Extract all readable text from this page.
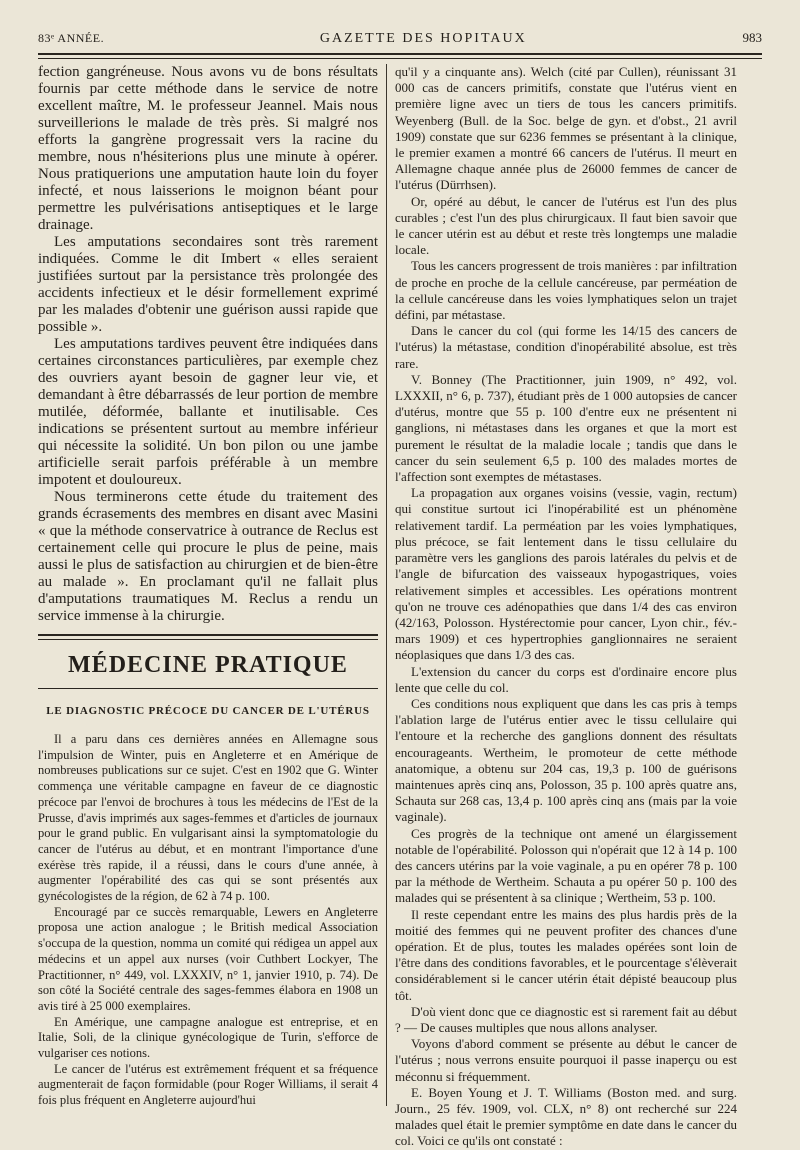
83ᵉ ANNÉE.	GAZETTE DES HOPITAUX	983

fection gangréneuse. Nous avons vu de bons résultats fournis par cette méthode dans le service de notre excellent maître, M. le professeur Jeannel. Mais nous surveillerions le malade de très près. Si malgré nos efforts la gangrène progressait vers la racine du membre, nous n'hésiterions plus une minute à opérer. Nous pratiquerions une amputation haute loin du foyer infecté, et nous laisserions le moignon béant pour permettre les pulvérisations antiseptiques et le large drainage.

Les amputations secondaires sont très rarement indiquées. Comme le dit Imbert « elles seraient justifiées surtout par la persistance très prolongée des accidents infectieux et le désir formellement exprimé par les malades d'obtenir une guérison aussi rapide que possible ».

Les amputations tardives peuvent être indiquées dans certaines circonstances particulières, par exemple chez des ouvriers ayant besoin de gagner leur vie, et demandant à être débarrassés de leur portion de membre mutilée, déformée, ballante et inutilisable. Ces indications se présentent surtout au membre inférieur qui nécessite la solidité. Un bon pilon ou une jambe artificielle serait parfois préférable à un membre impotent et douloureux.

Nous terminerons cette étude du traitement des grands écrasements des membres en disant avec Masini « que la méthode conservatrice à outrance de Reclus est certainement celle qui procure le plus de peine, mais aussi le plus de satisfaction au chirurgien et de bien-être au malade ». En proclamant qu'il ne fallait plus d'amputations traumatiques M. Reclus a rendu un service immense à la chirurgie.

MÉDECINE PRATIQUE
LE DIAGNOSTIC PRÉCOCE DU CANCER DE L'UTÉRUS

Il a paru dans ces dernières années en Allemagne sous l'impulsion de Winter, puis en Angleterre et en Amérique de nombreuses publications sur ce sujet. C'est en 1902 que G. Winter commença une véritable campagne en faveur de ce diagnostic précoce par l'envoi de brochures à tous les médecins de l'Est de la Prusse, d'avis imprimés aux sages-femmes et d'articles de journaux pour le grand public. En vulgarisant ainsi la symptomatologie du cancer de l'utérus au début, et en montrant l'importance d'une exérèse très rapide, il a réussi, dans le cours d'une année, à augmenter l'opérabilité des cas qui se sont présentés aux gynécologistes de la région, de 62 à 74 p. 100.

Encouragé par ce succès remarquable, Lewers en Angleterre proposa une action analogue ; le British medical Association s'occupa de la question, nomma un comité qui rédigea un appel aux médecins et un appel aux nurses (voir Cuthbert Lockyer, The Practitionner, n° 449, vol. LXXXIV, n° 1, janvier 1910, p. 74). De son côté la Société centrale des sages-femmes élabora en 1908 un avis tiré à 25 000 exemplaires.

En Amérique, une campagne analogue est entreprise, et en Italie, Soli, de la clinique gynécologique de Turin, s'efforce de vulgariser ces notions.

Le cancer de l'utérus est extrêmement fréquent et sa fréquence augmenterait de façon formidable (pour Roger Williams, il serait 4 fois plus fréquent en Angleterre aujourd'hui

qu'il y a cinquante ans). Welch (cité par Cullen), réunissant 31 000 cas de cancers primitifs, constate que l'utérus vient en première ligne avec un tiers de tous les cancers primitifs. Weyenberg (Bull. de la Soc. belge de gyn. et d'obst., 21 avril 1909) constate que sur 6236 femmes se présentant à la clinique, le premier examen a montré 66 cancers de l'utérus. Il meurt en Allemagne chaque année plus de 26000 femmes de cancer de l'utérus (Dürrhsen).

Or, opéré au début, le cancer de l'utérus est l'un des plus curables ; c'est l'un des plus chirurgicaux. Il faut bien savoir que le cancer utérin est au début et reste très longtemps une maladie locale.

Tous les cancers progressent de trois manières : par infiltration de proche en proche de la cellule cancéreuse, par perméation de la cellule cancéreuse dans les voies lymphatiques selon un trajet défini, par métastase.

Dans le cancer du col (qui forme les 14/15 des cancers de l'utérus) la métastase, condition d'inopérabilité absolue, est très rare.

V. Bonney (The Practitionner, juin 1909, n° 492, vol. LXXXII, n° 6, p. 737), étudiant près de 1 000 autopsies de cancer d'utérus, montre que 55 p. 100 d'entre eux ne présentent ni ganglions, ni métastases dans les organes et que la mort est purement le résultat de la maladie locale ; tandis que dans le cancer du sein seulement 6,5 p. 100 des malades mortes de l'affection sont exemptes de métastases.

La propagation aux organes voisins (vessie, vagin, rectum) qui constitue surtout ici l'inopérabilité est un phénomène relativement tardif. La perméation par les voies lymphatiques, plus précoce, se fait lentement dans le tissu cellulaire du paramètre vers les ganglions des parois latérales du pelvis et de l'angle de bifurcation des vaisseaux hypogastriques, voies relativement simples et accessibles. Les opérations montrent qu'on ne trouve ces adénopathies que dans 1/4 des cas environ (42/163, Polosson. Hystérectomie pour cancer, Lyon chir., fév.-mars 1909) et ces hypertrophies ganglionnaires ne seraient néoplasiques que dans 1/3 des cas.

L'extension du cancer du corps est d'ordinaire encore plus lente que celle du col.

Ces conditions nous expliquent que dans les cas pris à temps l'ablation large de l'utérus entier avec le tissu cellulaire qui l'entoure et la recherche des ganglions donnent des résultats encourageants. Wertheim, le promoteur de cette méthode anatomique, a obtenu sur 204 cas, 19,3 p. 100 de guérisons maintenues après cinq ans, Polosson, 35 p. 100 après quatre ans, Schauta sur 268 cas, 13,4 p. 100 après cinq ans (mais par la voie vaginale).

Ces progrès de la technique ont amené un élargissement notable de l'opérabilité. Polosson qui n'opérait que 12 à 14 p. 100 des cancers utérins par la voie vaginale, a pu en opérer 78 p. 100 par la méthode de Wertheim. Schauta a pu opérer 50 p. 100 des malades qui se présentent à sa clinique ; Wertheim, 53 p. 100.

Il reste cependant entre les mains des plus hardis près de la moitié des femmes qui ne peuvent profiter des chances d'une opération. Et de plus, toutes les malades opérées sont loin de l'être dans des conditions favorables, et le pourcentage s'élèverait considérablement si le cancer utérin était dépisté beaucoup plus tôt.

D'où vient donc que ce diagnostic est si rarement fait au début ? — De causes multiples que nous allons analyser.

Voyons d'abord comment se présente au début le cancer de l'utérus ; nous verrons ensuite pourquoi il passe inaperçu ou est méconnu si fréquemment.

E. Boyen Young et J. T. Williams (Boston med. and surg. Journ., 25 fév. 1909, vol. CLX, n° 8) ont recherché sur 224 malades quel était le premier symptôme en date dans le cancer du col. Voici ce qu'ils ont constaté :
